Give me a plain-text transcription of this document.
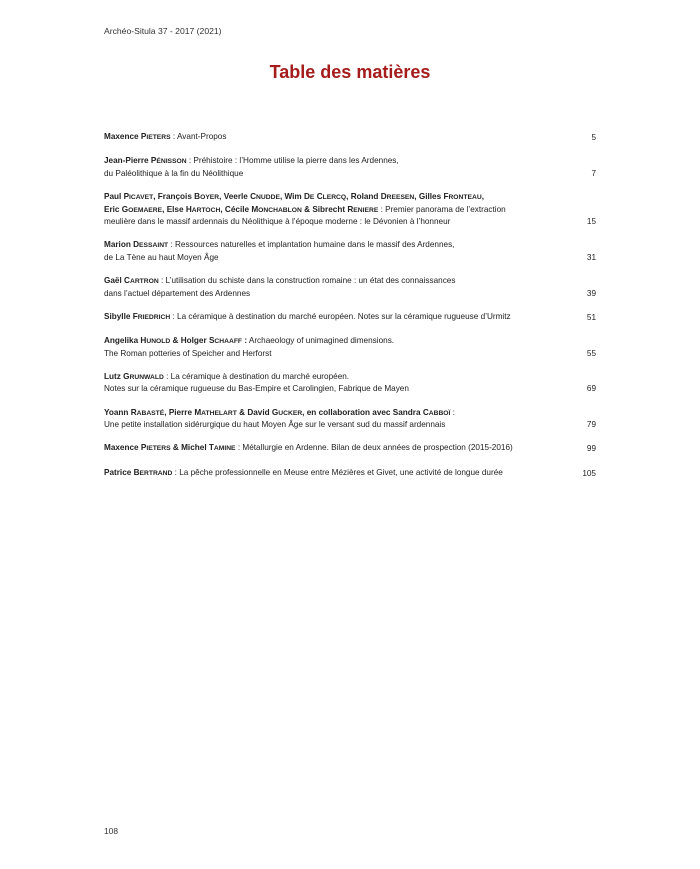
Archéo-Situla 37 - 2017 (2021)
Table des matières
Maxence PIETERS : Avant-Propos	5
Jean-Pierre PÉNISSON : Préhistoire : l’Homme utilise la pierre dans les Ardennes,
du Paléolithique à la fin du Néolithique	7
Paul PICAVET, François BOYER, Veerle CNUDDE, Wim DE CLERCQ, Roland DREESEN, Gilles FRONTEAU,
Eric GOEMAERE, Else HARTOCH, Cécile MONCHABLON & Sibrecht RENIERE : Premier panorama de l’extraction
meulière dans le massif ardennais du Néolithique à l’époque moderne : le Dévonien à l’honneur	15
Marion DESSAINT : Ressources naturelles et implantation humaine dans le massif des Ardennes,
de La Tène au haut Moyen Âge	31
Gaël CARTRON : L’utilisation du schiste dans la construction romaine : un état des connaissances
dans l’actuel département des Ardennes	39
Sibylle FRIEDRICH : La céramique à destination du marché européen. Notes sur la céramique rugueuse d’Urmitz	51
Angelika HUNOLD & Holger SCHAAFF : Archaeology of unimagined dimensions.
The Roman potteries of Speicher and Herforst	55
Lutz GRUNWALD : La céramique à destination du marché européen.
Notes sur la céramique rugueuse du Bas-Empire et Carolingien, Fabrique de Mayen	69
Yoann RABASTÉ, Pierre MATHELART & David GUCKER, en collaboration avec Sandra CABBOÏ :
Une petite installation sidérurgique du haut Moyen Âge sur le versant sud du massif ardennais	79
Maxence PIETERS & Michel TAMINE : Métallurgie en Ardenne. Bilan de deux années de prospection (2015-2016)	99
Patrice BERTRAND : La pêche professionnelle en Meuse entre Mézières et Givet, une activité de longue durée	105
108
